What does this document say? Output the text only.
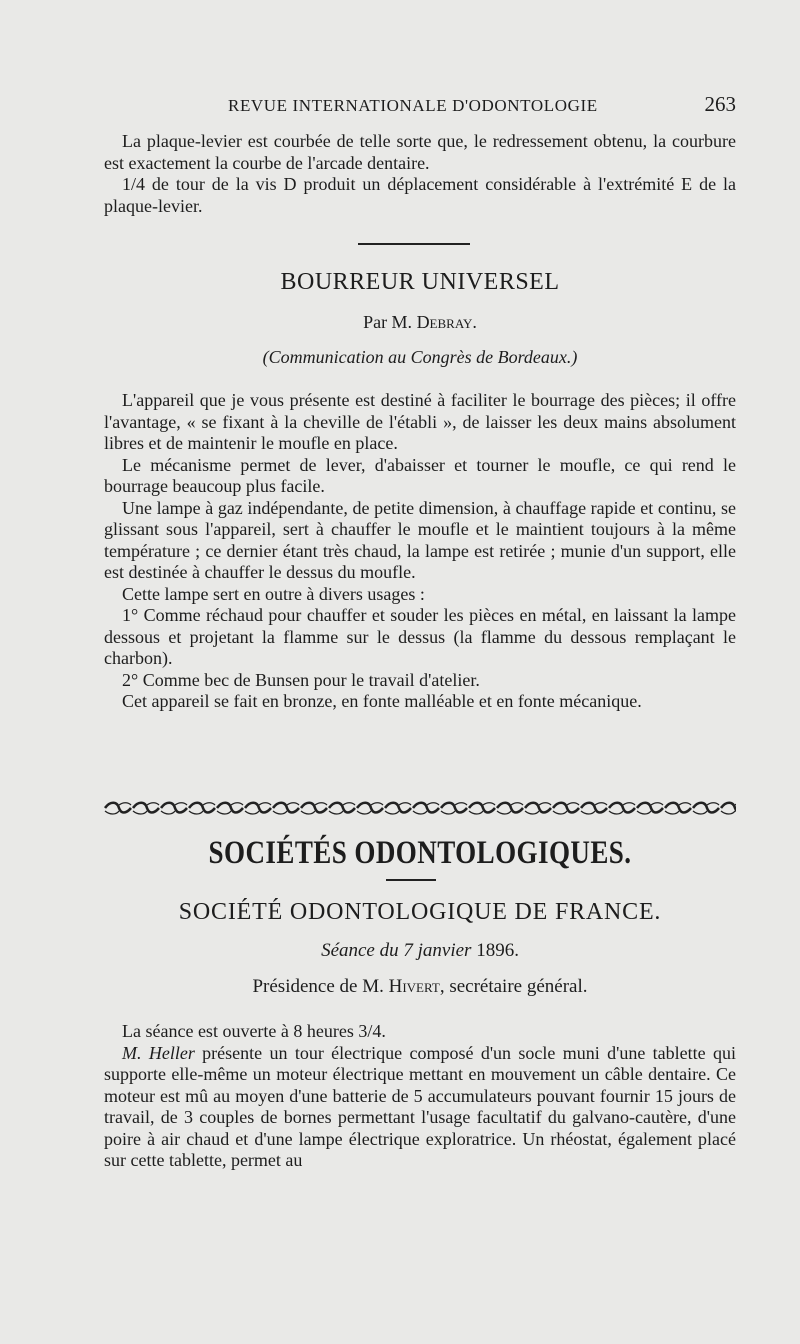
REVUE INTERNATIONALE D'ODONTOLOGIE	263

La plaque-levier est courbée de telle sorte que, le redressement obtenu, la courbure est exactement la courbe de l'arcade dentaire.

1/4 de tour de la vis D produit un déplacement considérable à l'extrémité E de la plaque-levier.

BOURREUR UNIVERSEL
Par M. Debray.
(Communication au Congrès de Bordeaux.)

L'appareil que je vous présente est destiné à faciliter le bourrage des pièces; il offre l'avantage, « se fixant à la cheville de l'établi », de laisser les deux mains absolument libres et de maintenir le moufle en place.

Le mécanisme permet de lever, d'abaisser et tourner le moufle, ce qui rend le bourrage beaucoup plus facile.

Une lampe à gaz indépendante, de petite dimension, à chauffage rapide et continu, se glissant sous l'appareil, sert à chauffer le moufle et le maintient toujours à la même température ; ce dernier étant très chaud, la lampe est retirée ; munie d'un support, elle est destinée à chauffer le dessus du moufle.

Cette lampe sert en outre à divers usages :

1° Comme réchaud pour chauffer et souder les pièces en métal, en laissant la lampe dessous et projetant la flamme sur le dessus (la flamme du dessous remplaçant le charbon).

2° Comme bec de Bunsen pour le travail d'atelier.

Cet appareil se fait en bronze, en fonte malléable et en fonte mécanique.

SOCIÉTÉS ODONTOLOGIQUES.
SOCIÉTÉ ODONTOLOGIQUE DE FRANCE.
Séance du 7 janvier 1896.
Présidence de M. Hivert, secrétaire général.

La séance est ouverte à 8 heures 3/4.

M. Heller présente un tour électrique composé d'un socle muni d'une tablette qui supporte elle-même un moteur électrique mettant en mouvement un câble dentaire. Ce moteur est mû au moyen d'une batterie de 5 accumulateurs pouvant fournir 15 jours de travail, de 3 couples de bornes permettant l'usage facultatif du galvano-cautère, d'une poire à air chaud et d'une lampe électrique exploratrice. Un rhéostat, également placé sur cette tablette, permet au
